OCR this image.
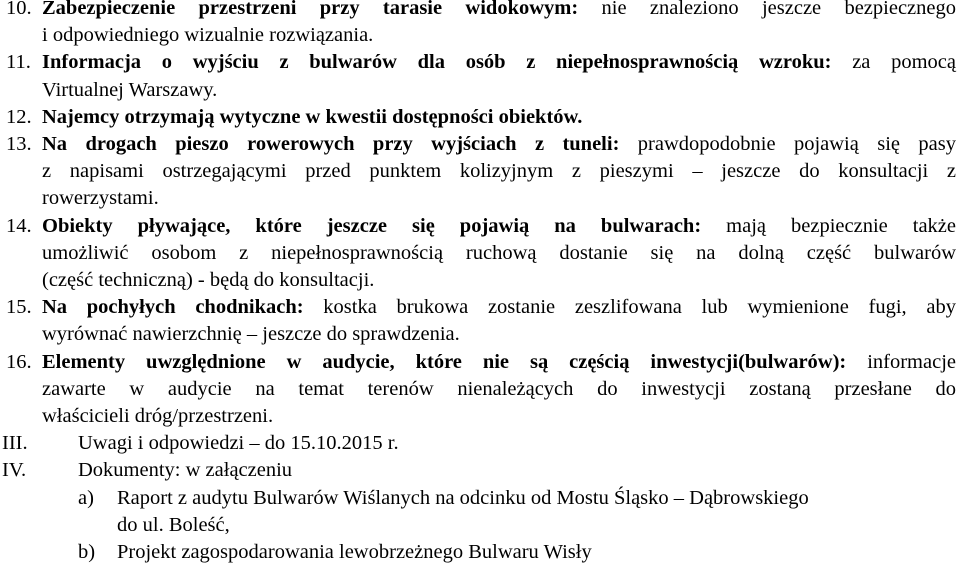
10. Zabezpieczenie przestrzeni przy tarasie widokowym: nie znaleziono jeszcze bezpiecznego
i odpowiedniego wizualnie rozwiązania.
11. Informacja o wyjściu z bulwarów dla osób z niepełnosprawnością wzroku: za pomocą
Virtualnej Warszawy.
12. Najemcy otrzymają wytyczne w kwestii dostępności obiektów.
13. Na drogach pieszo rowerowych przy wyjściach z tuneli: prawdopodobnie pojawią się pasy
z napisami ostrzegającymi przed punktem kolizyjnym z pieszymi – jeszcze do konsultacji z
rowerzystami.
14. Obiekty pływające, które jeszcze się pojawią na bulwarach: mają bezpiecznie także
umożliwić osobom z niepełnosprawnością ruchową dostanie się na dolną część bulwarów
(część techniczną) - będą do konsultacji.
15. Na pochyłych chodnikach: kostka brukowa zostanie zeszlifowana lub wymienione fugi, aby
wyrównać nawierzchnię – jeszcze do sprawdzenia.
16. Elementy uwzględnione w audycie, które nie są częścią inwestycji(bulwarów): informacje
zawarte w audycie na temat terenów nienależących do inwestycji zostaną przesłane do
właścicieli dróg/przestrzeni.
III. Uwagi i odpowiedzi – do 15.10.2015 r.
IV.	Dokumenty: w załączeniu
a) Raport z audytu Bulwarów Wiślanych na odcinku od Mostu Śląsko – Dąbrowskiego
do ul. Boleść,
b) Projekt zagospodarowania lewobrzeżnego Bulwaru Wisły
